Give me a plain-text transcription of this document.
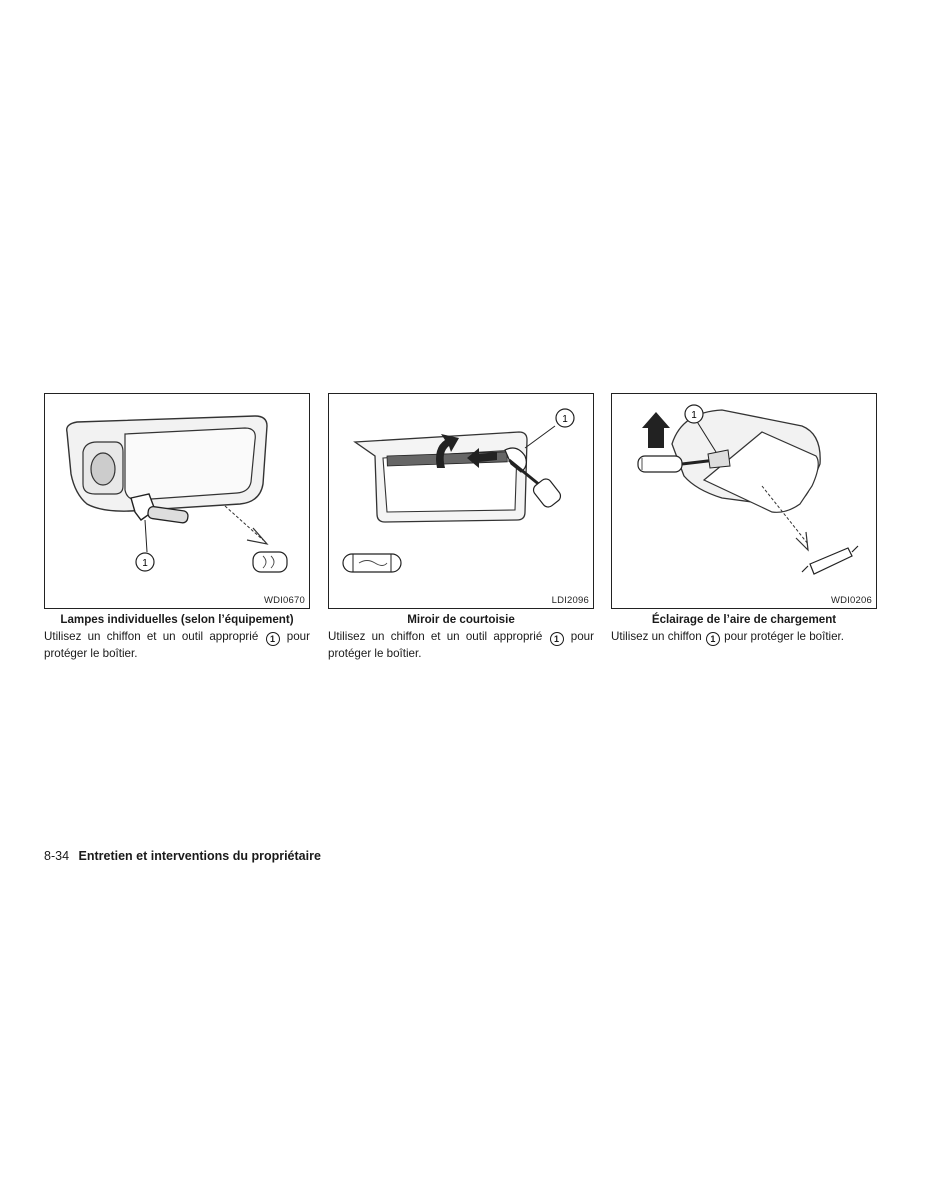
1
WDI0670
Lampes individuelles (selon l’équipement)
Utilisez un chiffon et un outil approprié 1 pour protéger le boîtier.
1
LDI2096
Miroir de courtoisie
Utilisez un chiffon et un outil approprié 1 pour protéger le boîtier.
1
WDI0206
Éclairage de l’aire de chargement
Utilisez un chiffon 1 pour protéger le boîtier.
8-34 Entretien et interventions du propriétaire
